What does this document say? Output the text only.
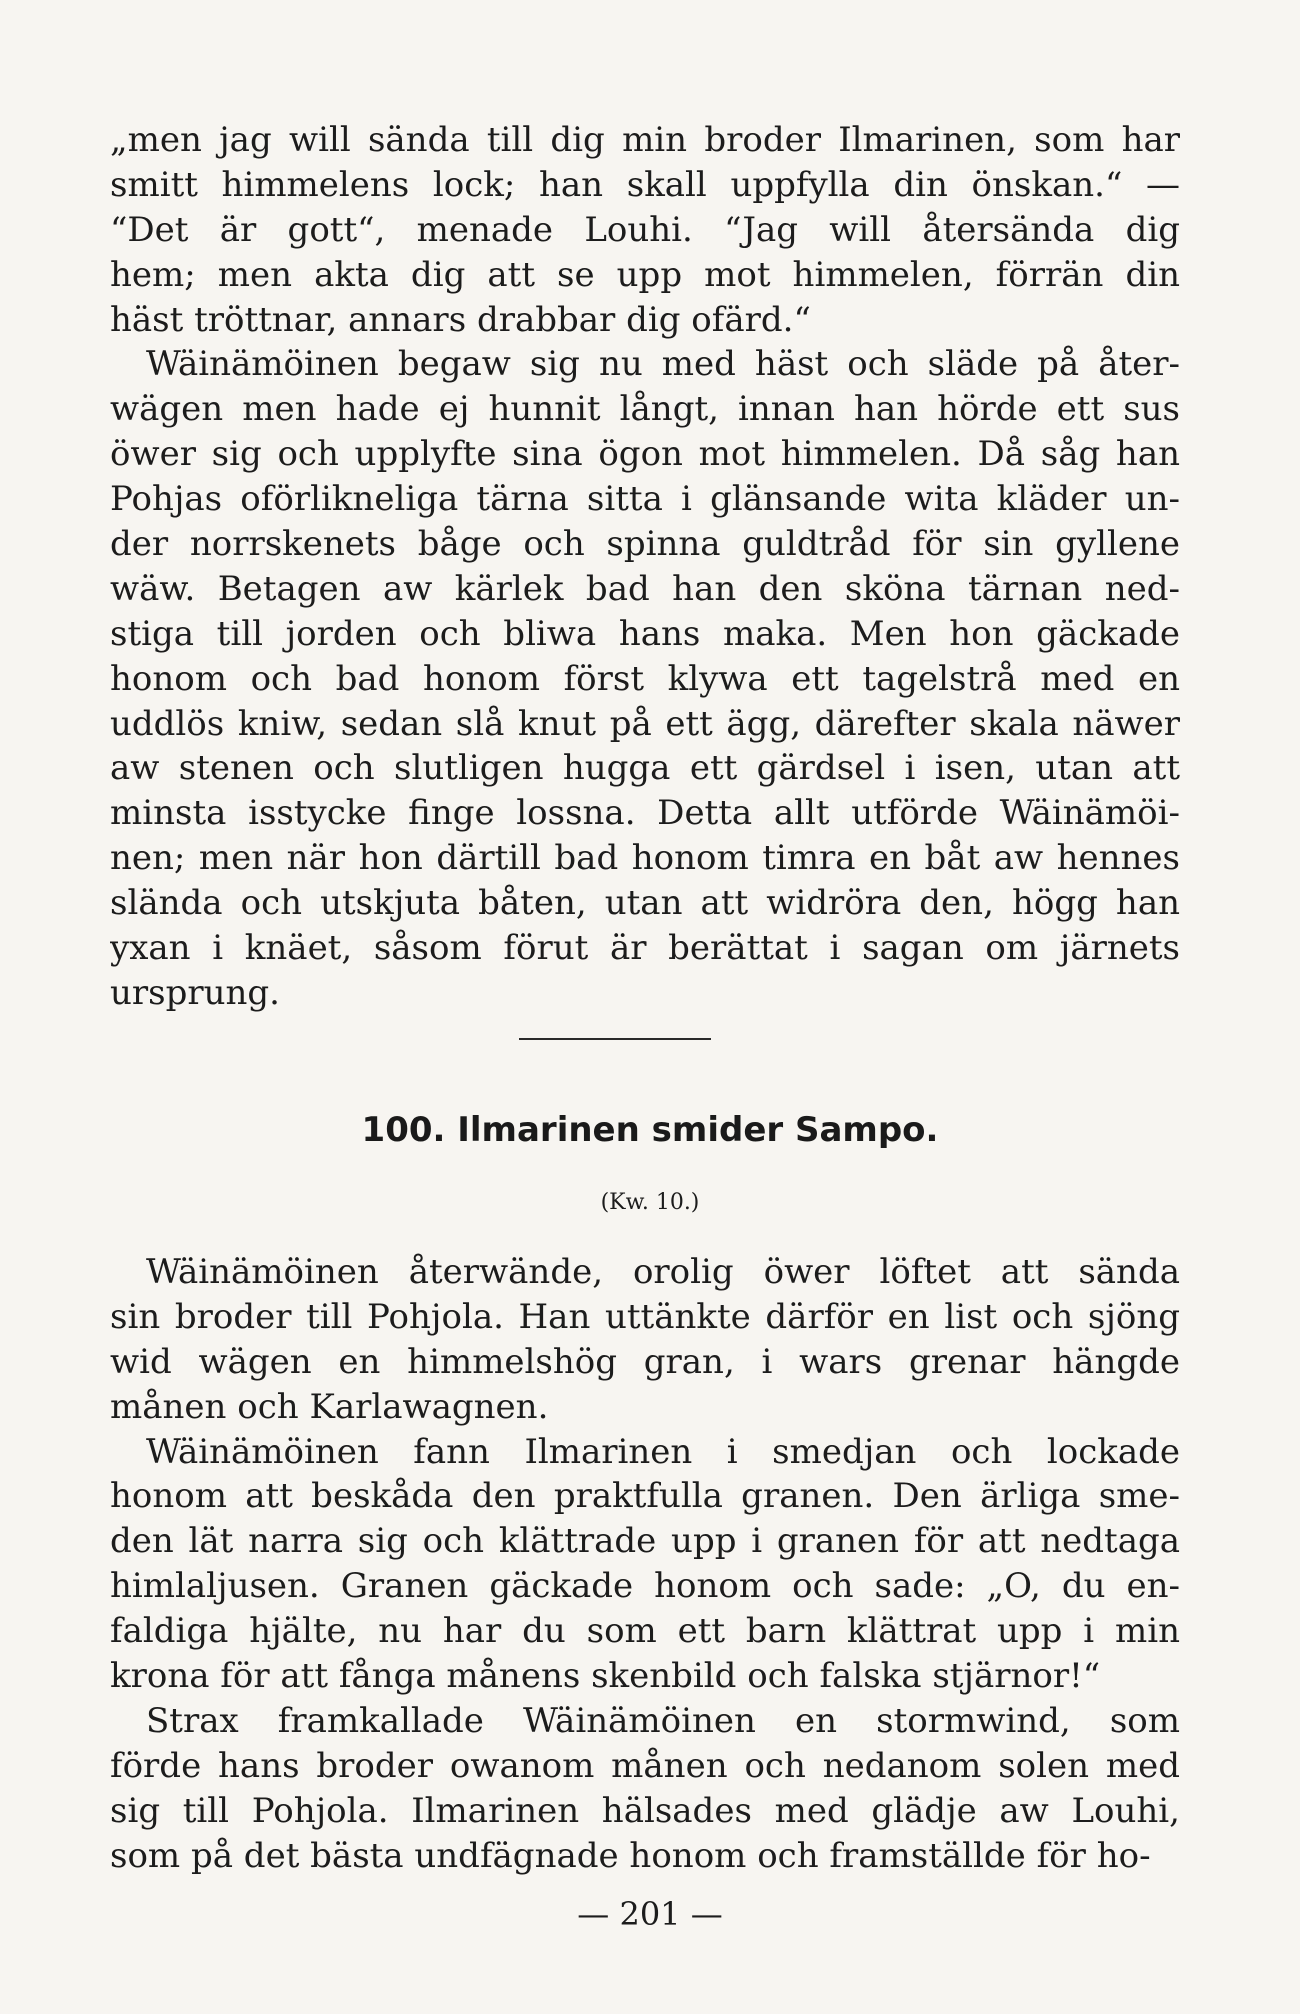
„men jag will sända till dig min broder Ilmarinen, som har
smitt himmelens lock; han skall uppfylla din önskan.“ —
“Det är gott“, menade Louhi. “Jag will återsända dig
hem; men akta dig att se upp mot himmelen, förrän din
häst tröttnar, annars drabbar dig ofärd.“
Wäinämöinen begaw sig nu med häst och släde på åter-
wägen men hade ej hunnit långt, innan han hörde ett sus
öwer sig och upplyfte sina ögon mot himmelen. Då såg han
Pohjas oförlikneliga tärna sitta i glänsande wita kläder un-
der norrskenets båge och spinna guldtråd för sin gyllene
wäw. Betagen aw kärlek bad han den sköna tärnan ned-
stiga till jorden och bliwa hans maka. Men hon gäckade
honom och bad honom först klywa ett tagelstrå med en
uddlös kniw, sedan slå knut på ett ägg, därefter skala näwer
aw stenen och slutligen hugga ett gärdsel i isen, utan att
minsta isstycke finge lossna. Detta allt utförde Wäinämöi-
nen; men när hon därtill bad honom timra en båt aw hennes
slända och utskjuta båten, utan att widröra den, högg han
yxan i knäet, såsom förut är berättat i sagan om järnets
ursprung.
100. Ilmarinen smider Sampo.
(Kw. 10.)
Wäinämöinen återwände, orolig öwer löftet att sända
sin broder till Pohjola. Han uttänkte därför en list och sjöng
wid wägen en himmelshög gran, i wars grenar hängde
månen och Karlawagnen.
Wäinämöinen fann Ilmarinen i smedjan och lockade
honom att beskåda den praktfulla granen. Den ärliga sme-
den lät narra sig och klättrade upp i granen för att nedtaga
himlaljusen. Granen gäckade honom och sade: „O, du en-
faldiga hjälte, nu har du som ett barn klättrat upp i min
krona för att fånga månens skenbild och falska stjärnor!“
Strax framkallade Wäinämöinen en stormwind, som
förde hans broder owanom månen och nedanom solen med
sig till Pohjola. Ilmarinen hälsades med glädje aw Louhi,
som på det bästa undfägnade honom och framställde för ho-
— 201 —
